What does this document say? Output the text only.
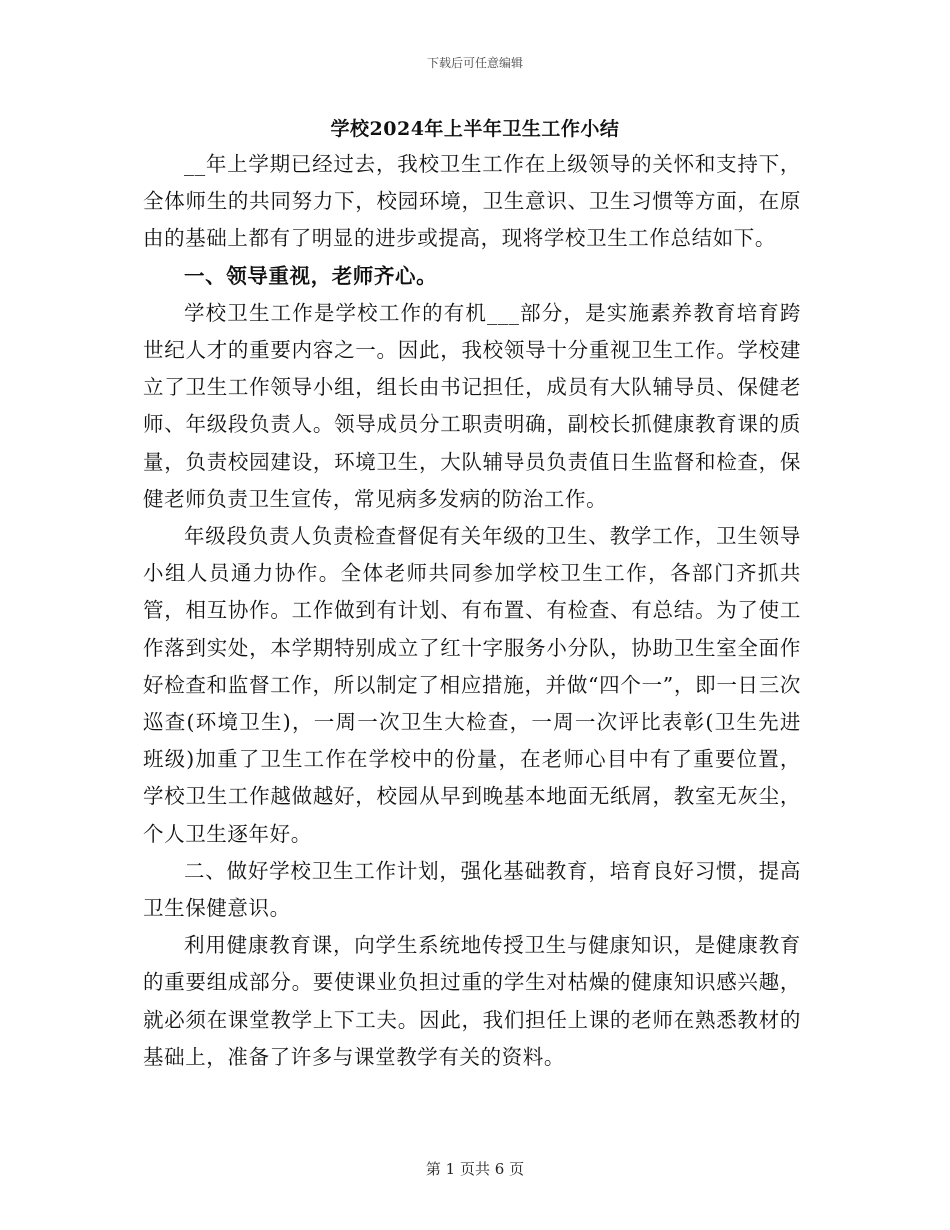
下载后可任意编辑
学校2024年上半年卫生工作小结

__年上学期已经过去，我校卫生工作在上级领导的关怀和支持下，全体师生的共同努力下，校园环境，卫生意识、卫生习惯等方面，在原由的基础上都有了明显的进步或提高，现将学校卫生工作总结如下。

一、领导重视，老师齐心。

学校卫生工作是学校工作的有机___部分，是实施素养教育培育跨世纪人才的重要内容之一。因此，我校领导十分重视卫生工作。学校建立了卫生工作领导小组，组长由书记担任，成员有大队辅导员、保健老师、年级段负责人。领导成员分工职责明确，副校长抓健康教育课的质量，负责校园建设，环境卫生，大队辅导员负责值日生监督和检查，保健老师负责卫生宣传，常见病多发病的防治工作。

年级段负责人负责检查督促有关年级的卫生、教学工作，卫生领导小组人员通力协作。全体老师共同参加学校卫生工作，各部门齐抓共管，相互协作。工作做到有计划、有布置、有检查、有总结。为了使工作落到实处，本学期特别成立了红十字服务小分队，协助卫生室全面作好检查和监督工作，所以制定了相应措施，并做“四个一”，即一日三次巡查(环境卫生)，一周一次卫生大检查，一周一次评比表彰(卫生先进班级)加重了卫生工作在学校中的份量，在老师心目中有了重要位置，学校卫生工作越做越好，校园从早到晚基本地面无纸屑，教室无灰尘，个人卫生逐年好。

二、做好学校卫生工作计划，强化基础教育，培育良好习惯，提高卫生保健意识。

利用健康教育课，向学生系统地传授卫生与健康知识，是健康教育的重要组成部分。要使课业负担过重的学生对枯燥的健康知识感兴趣，就必须在课堂教学上下工夫。因此，我们担任上课的老师在熟悉教材的基础上，准备了许多与课堂教学有关的资料。

第 1 页共 6 页
